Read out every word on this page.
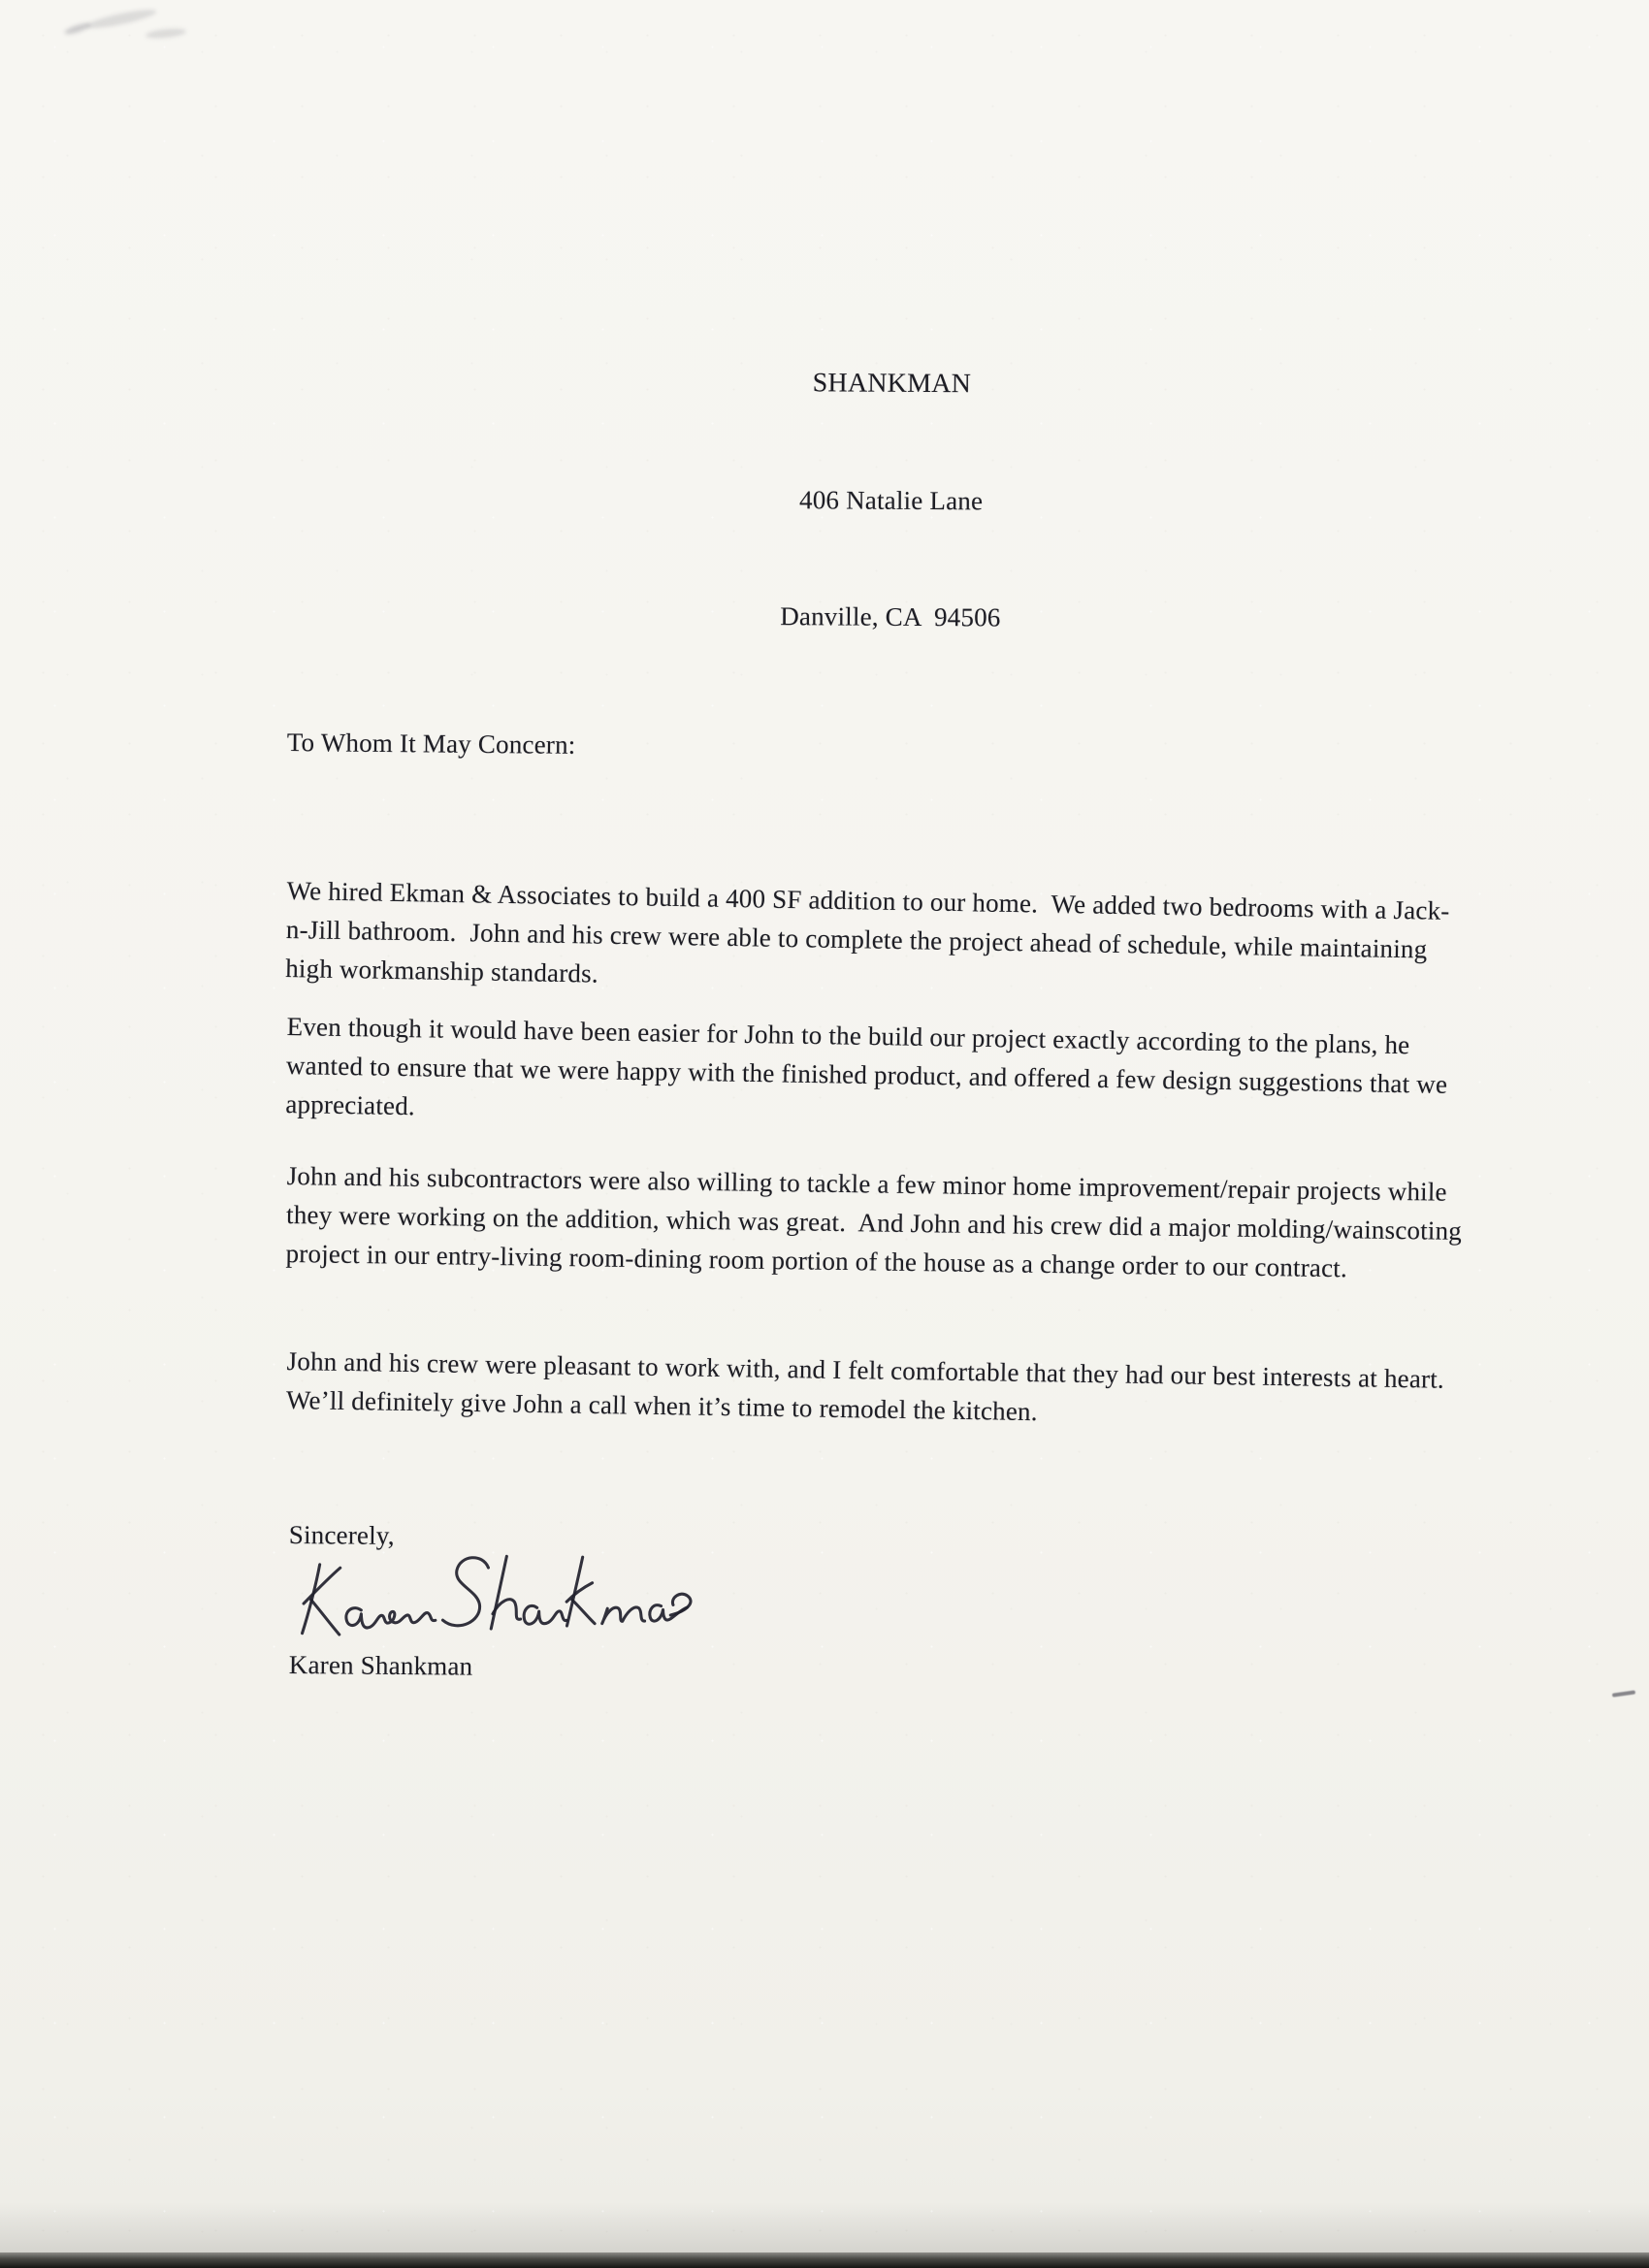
SHANKMAN

406 Natalie Lane

Danville, CA  94506

To Whom It May Concern:

We hired Ekman & Associates to build a 400 SF addition to our home.  We added two bedrooms with a Jack-n-Jill bathroom.  John and his crew were able to complete the project ahead of schedule, while maintaining high workmanship standards.

Even though it would have been easier for John to the build our project exactly according to the plans, he wanted to ensure that we were happy with the finished product, and offered a few design suggestions that we appreciated.

John and his subcontractors were also willing to tackle a few minor home improvement/repair projects while they were working on the addition, which was great.  And John and his crew did a major molding/wainscoting project in our entry-living room-dining room portion of the house as a change order to our contract.

John and his crew were pleasant to work with, and I felt comfortable that they had our best interests at heart.  We’ll definitely give John a call when it’s time to remodel the kitchen.

Sincerely,
Karen Shankman
